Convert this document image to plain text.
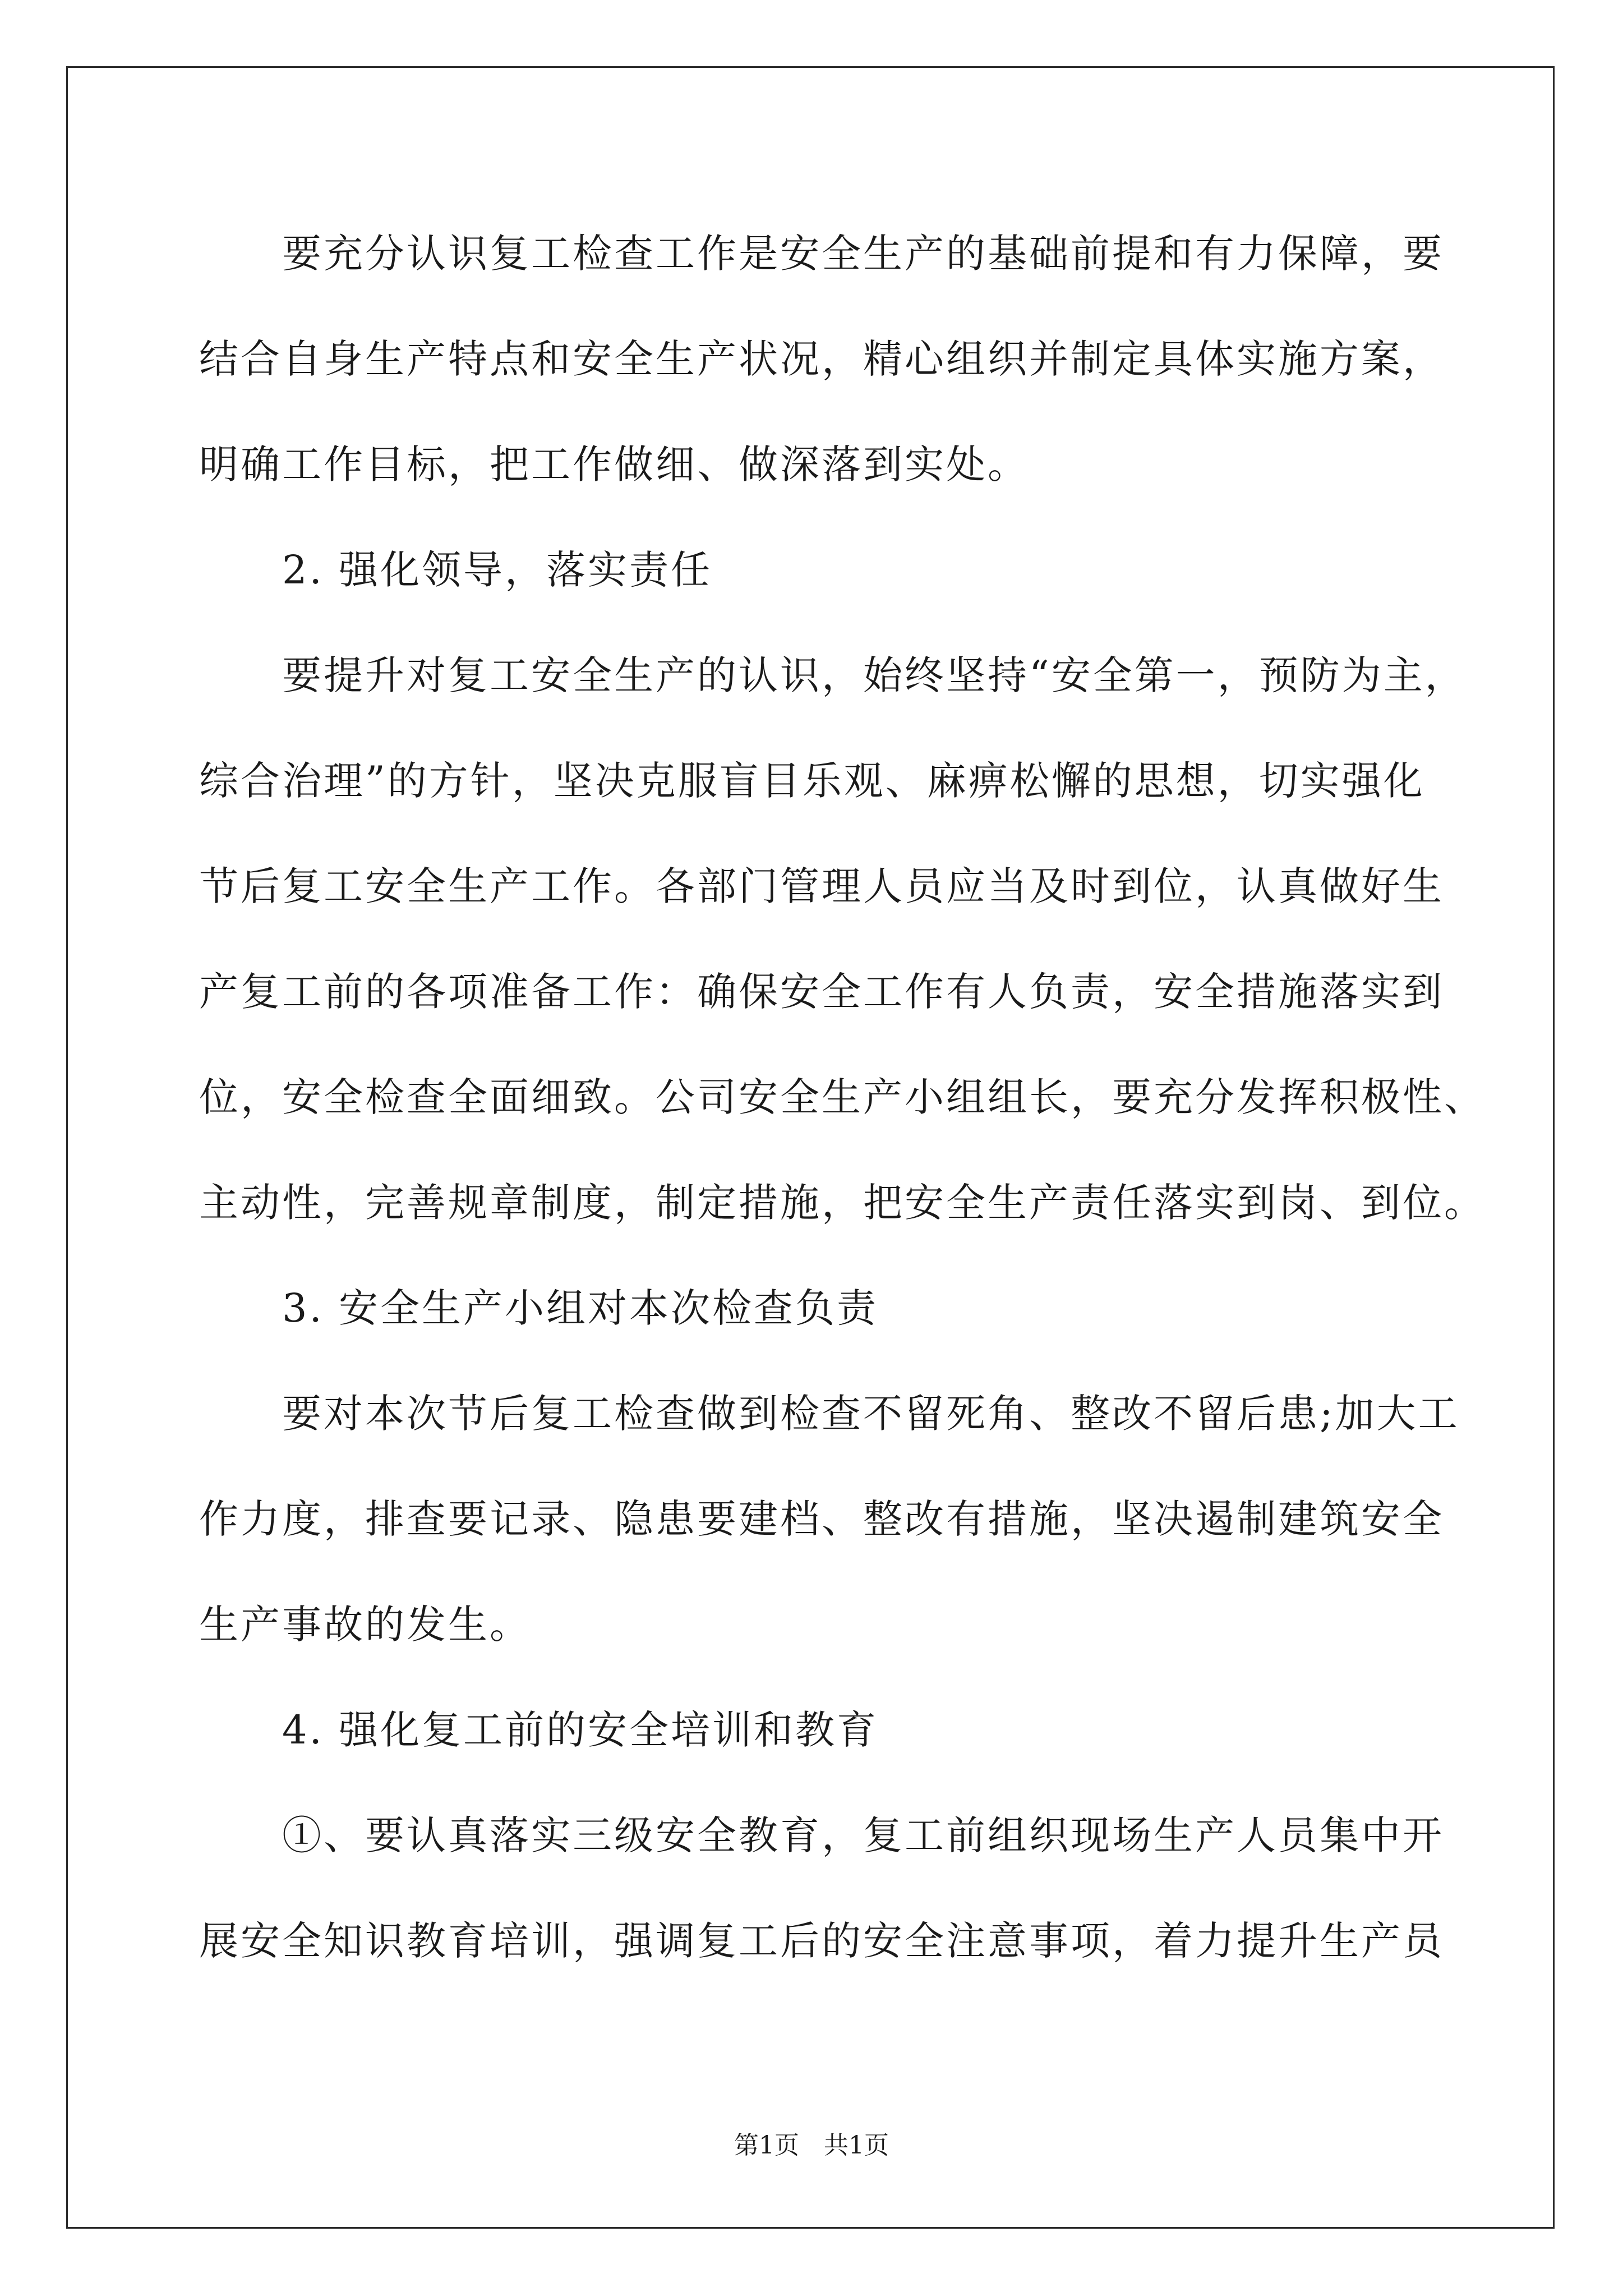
要充分认识复工检查工作是安全生产的基础前提和有力保障，要
结合自身生产特点和安全生产状况，精心组织并制定具体实施方案，
明确工作目标，把工作做细、做深落到实处。
2. 强化领导，落实责任
要提升对复工安全生产的认识，始终坚持“安全第一，预防为主，
综合治理”的方针，坚决克服盲目乐观、麻痹松懈的思想，切实强化
节后复工安全生产工作。各部门管理人员应当及时到位，认真做好生
产复工前的各项准备工作：确保安全工作有人负责，安全措施落实到
位，安全检查全面细致。公司安全生产小组组长，要充分发挥积极性、
主动性，完善规章制度，制定措施，把安全生产责任落实到岗、到位。
3. 安全生产小组对本次检查负责
要对本次节后复工检查做到检查不留死角、整改不留后患;加大工
作力度，排查要记录、隐患要建档、整改有措施，坚决遏制建筑安全
生产事故的发生。
4. 强化复工前的安全培训和教育
①、要认真落实三级安全教育，复工前组织现场生产人员集中开
展安全知识教育培训，强调复工后的安全注意事项，着力提升生产员
第1页　共1页
